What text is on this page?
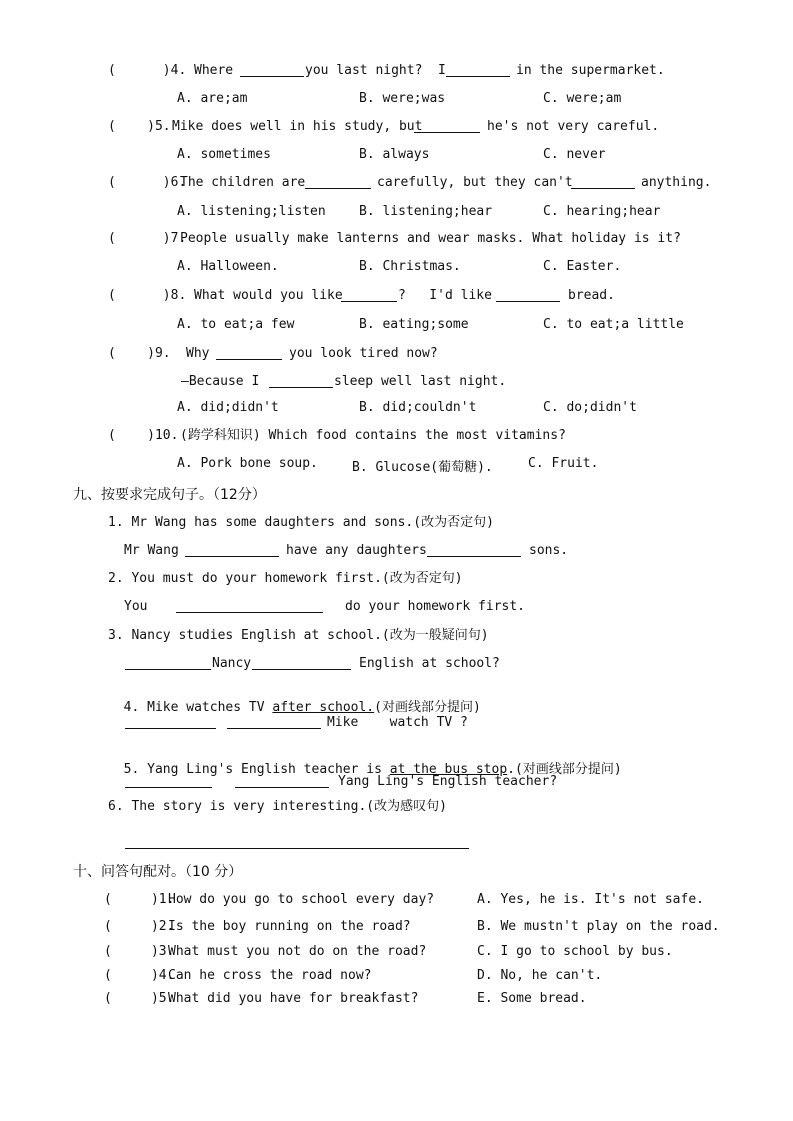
(      )4. Where	you last night?  I	in the supermarket.
A. are;am	B. were;was	C. were;am
(    )5. Mike does well in his study, but	he's not very careful.
A. sometimes	B. always	C. never
(      )6.
The children are	carefully, but they can't	anything.
A. listening;listen	B. listening;hear	C. hearing;hear
(      )7.
People usually make lanterns and wear masks. What holiday is it?
A. Halloween.	B. Christmas.	C. Easter.
(      )8. What would you like	?   I'd like	bread.
A. to eat;a few	B. eating;some	C. to eat;a little
(    )9. Why	you look tired now?
—Because I	sleep well last night.
A. did;didn't	B. did;couldn't	C. do;didn't
(    )10. (跨学科知识) Which food contains the most vitamins?
A. Pork bone soup.	B. Glucose(葡萄糖).	C. Fruit.
九、按要求完成句子。（12分）
1. Mr Wang has some daughters and sons.(改为否定句)
Mr Wang	have any daughters	sons.
2. You must do your homework first.(改为否定句)
You	do your homework first.
3. Nancy studies English at school.(改为一般疑问句)
Nancy	English at school?

4. Mike watches TV after school.(对画线部分提问)

Mike    watch TV ?

5. Yang Ling's English teacher is at the bus stop.(对画线部分提问)

Yang Ling's English teacher?
6. The story is very interesting.(改为感叹句)
十、问答句配对。（10 分）
(     )1.
How do you go to school every day?	A. Yes, he is. It's not safe.
(     )2.
Is the boy running on the road?	B. We mustn't play on the road.
(     )3.
What must you not do on the road?	C. I go to school by bus.
(     )4.
Can he cross the road now?	D. No, he can't.
(     )5.
What did you have for breakfast?	E. Some bread.
